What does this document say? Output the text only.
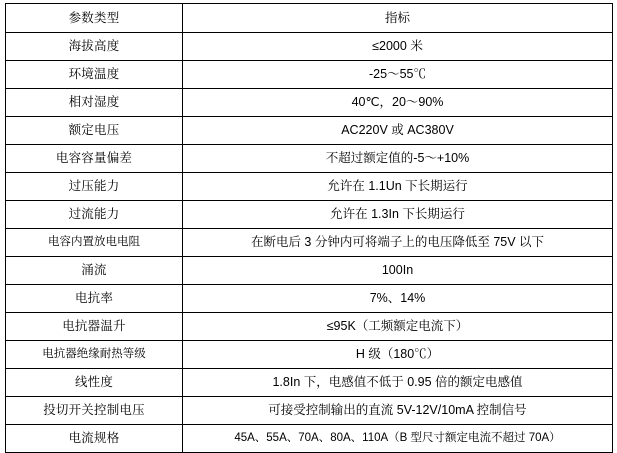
参数类型	指标
海拔高度	≤2000 米
环境温度	-25～55℃
相对湿度	40℃，20～90%
额定电压	AC220V 或 AC380V
电容容量偏差	不超过额定值的-5～+10%
过压能力	允许在 1.1Un 下长期运行
过流能力	允许在 1.3In 下长期运行
电容内置放电电阻	在断电后 3 分钟内可将端子上的电压降低至 75V 以下
涌流	100In
电抗率	7%、14%
电抗器温升	≤95K（工频额定电流下）
电抗器绝缘耐热等级	H 级（180℃）
线性度	1.8In 下，电感值不低于 0.95 倍的额定电感值
投切开关控制电压	可接受控制输出的直流 5V-12V/10mA 控制信号
电流规格	45A、55A、70A、80A、110A（B 型尺寸额定电流不超过 70A）
